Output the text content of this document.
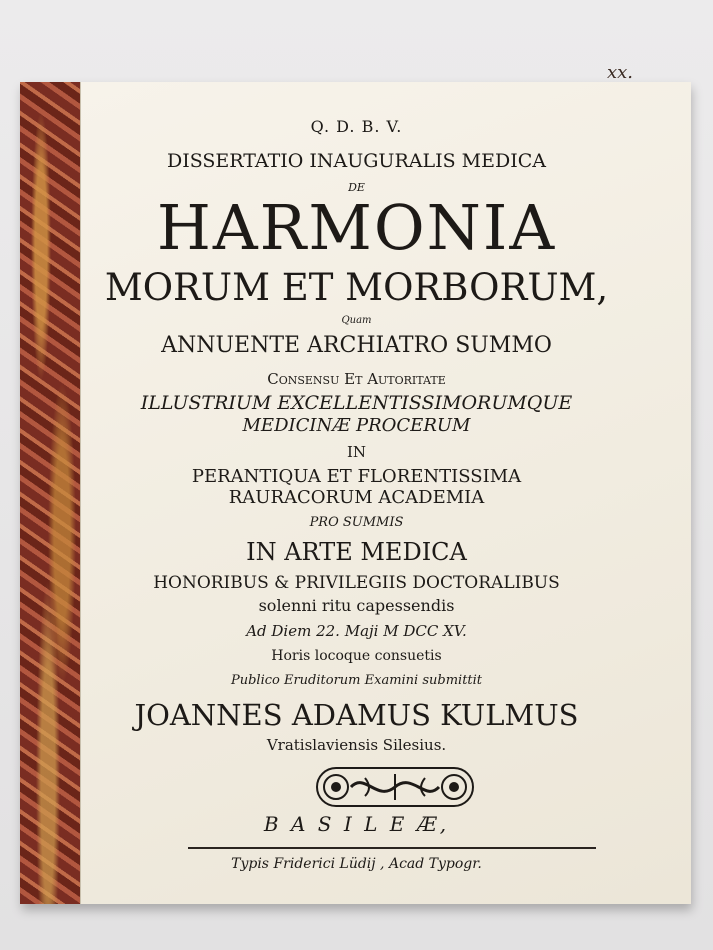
xx.
Q. D. B. V.
DISSERTATIO INAUGURALIS MEDICA
DE
HARMONIA
MORUM ET MORBORUM,
Quam
ANNUENTE ARCHIATRO SUMMO
Consensu Et Autoritate
ILLUSTRIUM EXCELLENTISSIMORUMQUE
MEDICINÆ PROCERUM
IN
PERANTIQUA ET FLORENTISSIMA
RAURACORUM ACADEMIA
PRO SUMMIS
IN ARTE MEDICA
HONORIBUS & PRIVILEGIIS DOCTORALIBUS
solenni ritu capessendis
Ad Diem 22. Maji M DCC XV.
Horis locoque consuetis
Publico Eruditorum Examini submittit
JOANNES ADAMUS KULMUS
Vratislaviensis Silesius.
B A S I L E Æ,
Typis Friderici Lüdij , Acad Typogr.
